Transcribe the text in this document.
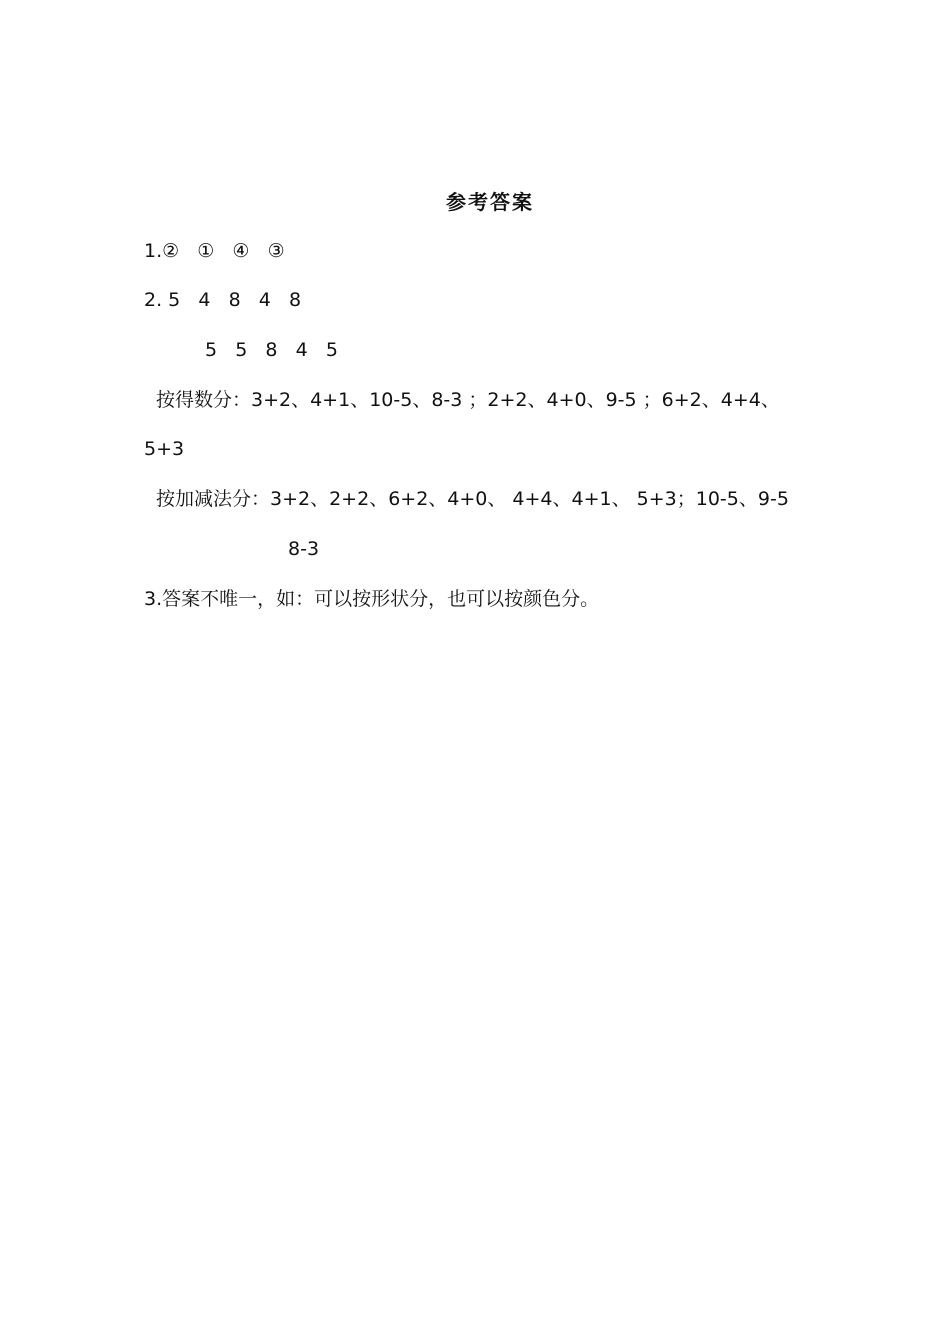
参考答案
1.②   ①   ④   ③
2. 5   4   8   4   8
5   5   8   4   5
按得数分：3+2、4+1、10-5、8-3 ；2+2、4+0、9-5 ；6+2、4+4、
5+3
按加减法分：3+2、2+2、6+2、4+0、 4+4、4+1、 5+3；10-5、9-5
8-3
3.答案不唯一，如：可以按形状分，也可以按颜色分。
